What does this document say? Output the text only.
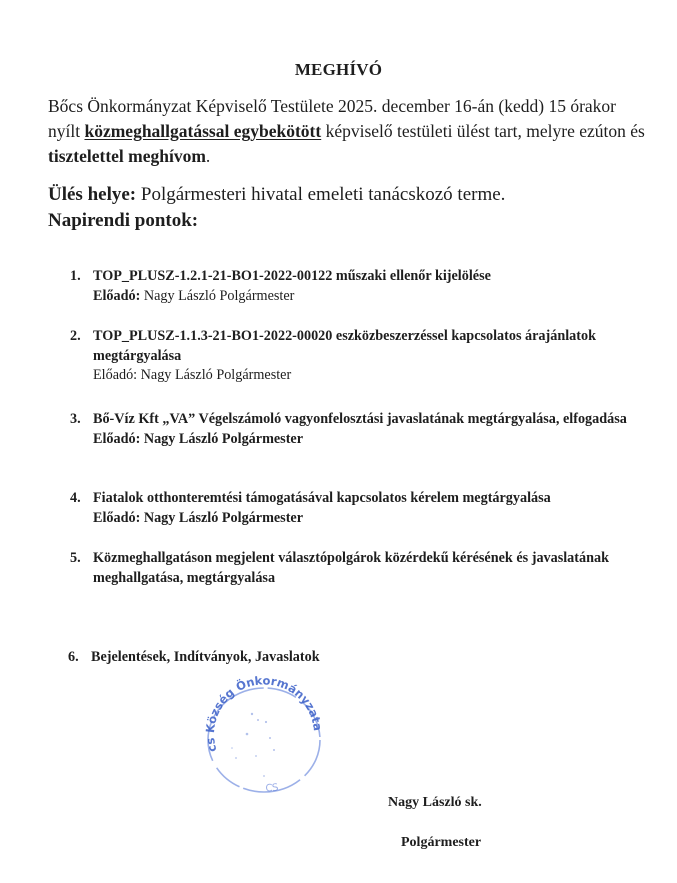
MEGHÍVÓ
Bőcs Önkormányzat Képviselő Testülete 2025. december 16-án (kedd) 15 órakor nyílt közmeghallgatással egybekötött képviselő testületi ülést tart, melyre ezúton és tisztelettel meghívom.
Ülés helye: Polgármesteri hivatal emeleti tanácskozó terme.
Napirendi pontok:
1. TOP_PLUSZ-1.2.1-21-BO1-2022-00122 műszaki ellenőr kijelölése
Előadó: Nagy László Polgármester
2. TOP_PLUSZ-1.1.3-21-BO1-2022-00020 eszközbeszerzéssel kapcsolatos árajánlatok megtárgyalása
Előadó: Nagy László Polgármester
3. Bő-Víz Kft „VA” Végelszámoló vagyonfelosztási javaslatának megtárgyalása, elfogadása
Előadó: Nagy László Polgármester
4. Fiatalok otthonteremtési támogatásával kapcsolatos kérelem megtárgyalása
Előadó: Nagy László Polgármester
5. Közmeghallgatáson megjelent választópolgárok közérdekű kérésének és javaslatának meghallgatása, megtárgyalása
6. Bejelentések, Indítványok, Javaslatok
cs Község Önkormányzata
CS
Nagy László sk.
Polgármester
